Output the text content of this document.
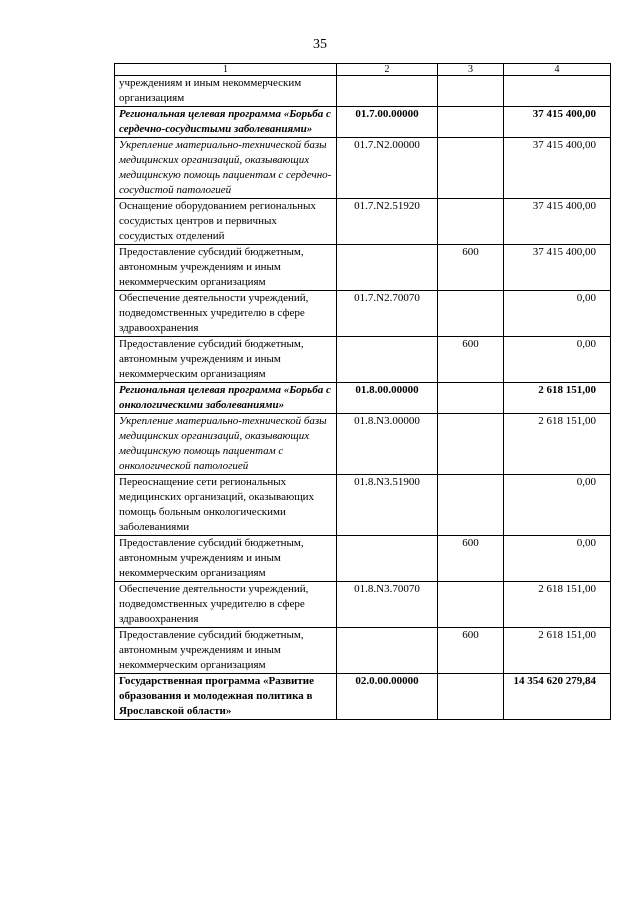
35
1	2	3	4
учреждениям и иным некоммерческим организациям			
Региональная целевая программа «Борьба с сердечно-сосудистыми заболеваниями»	01.7.00.00000		37 415 400,00
Укрепление материально-технической базы медицинских организаций, оказывающих медицинскую помощь пациентам с сердечно-сосудистой патологией	01.7.N2.00000		37 415 400,00
Оснащение оборудованием региональных сосудистых центров и первичных сосудистых отделений	01.7.N2.51920		37 415 400,00
Предоставление субсидий бюджетным, автономным учреждениям и иным некоммерческим организациям		600	37 415 400,00
Обеспечение деятельности учреждений, подведомственных учредителю в сфере здравоохранения	01.7.N2.70070		0,00
Предоставление субсидий бюджетным, автономным учреждениям и иным некоммерческим организациям		600	0,00
Региональная целевая программа «Борьба с онкологическими заболеваниями»	01.8.00.00000		2 618 151,00
Укрепление материально-технической базы медицинских организаций, оказывающих медицинскую помощь пациентам с онкологической патологией	01.8.N3.00000		2 618 151,00
Переоснащение сети региональных медицинских организаций, оказывающих помощь больным онкологическими заболеваниями	01.8.N3.51900		0,00
Предоставление субсидий бюджетным, автономным учреждениям и иным некоммерческим организациям		600	0,00
Обеспечение деятельности учреждений, подведомственных учредителю в сфере здравоохранения	01.8.N3.70070		2 618 151,00
Предоставление субсидий бюджетным, автономным учреждениям и иным некоммерческим организациям		600	2 618 151,00
Государственная программа «Развитие образования и молодежная политика в Ярославской области»	02.0.00.00000		14 354 620 279,84
